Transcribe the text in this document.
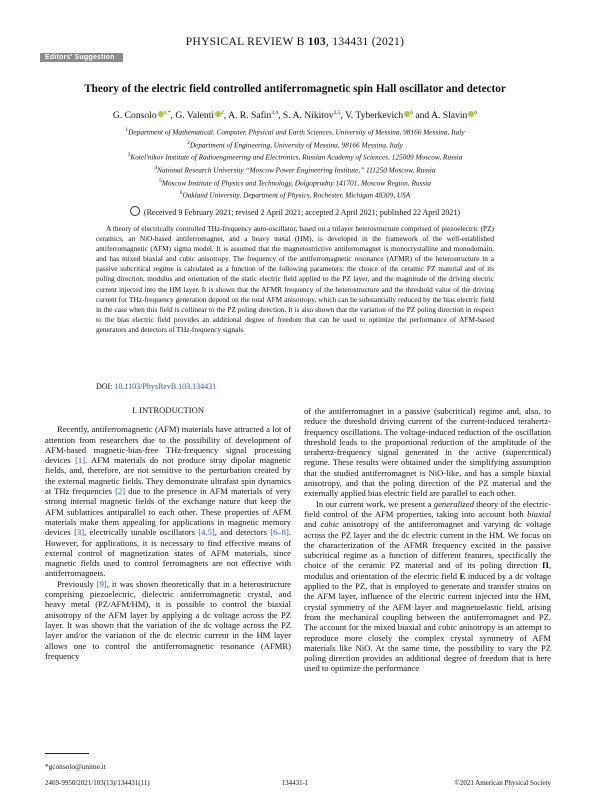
PHYSICAL REVIEW B 103, 134431 (2021)
Editors' Suggestion
Theory of the electric field controlled antiferromagnetic spin Hall oscillator and detector
G. Consolo $^{1,*}$, G. Valenti $^2$, A. R. Safin$^{3,4}$, S. A. Nikitov$^{3,5}$, V. Tyberkevich $^6$ and A. Slavin $^6$
$^1$Department of Mathematical, Computer, Physical and Earth Sciences, University of Messina, 98166 Messina, Italy
$^2$Department of Engineering, University of Messina, 98166 Messina, Italy
$^3$Kotel'nikov Institute of Radioengineering and Electronics, Russian Academy of Sciences, 125009 Moscow, Russia
$^4$National Research University “Moscow Power Engineering Institute,” 111250 Moscow, Russia
$^5$Moscow Institute of Physics and Technology, Dolgoprudny 141701, Moscow Region, Russia
$^6$Oakland University, Department of Physics, Rochester, Michigan 48309, USA
(Received 9 February 2021; revised 2 April 2021; accepted 2 April 2021; published 22 April 2021)

A theory of electrically controlled THz-frequency auto-oscillator, based on a trilayer heterostructure comprised of piezoelectric (PZ) ceramics, an NiO-based antiferromagnet, and a heavy metal (HM), is developed in the framework of the well-established antiferromagnetic (AFM) sigma model. It is assumed that the magnetostrictive antiferromagnet is monocrystalline and monodomain, and has mixed biaxial and cubic anisotropy. The frequency of the antiferromagnetic resonance (AFMR) of the heterostructure in a passive subcritical regime is calculated as a function of the following parameters: the choice of the ceramic PZ material and of its poling direction, modulus and orientation of the static electric field applied to the PZ layer, and the magnitude of the driving electric current injected into the HM layer. It is shown that the AFMR frequency of the heterostructure and the threshold value of the driving current for THz-frequency generation depend on the total AFM anisotropy, which can be substantially reduced by the bias electric field in the case when this field is collinear to the PZ poling direction. It is also shown that the variation of the PZ poling direction in respect to the bias electric field provides an additional degree of freedom that can be used to optimize the performance of AFM-based generators and detectors of THz-frequency signals.

DOI: 10.1103/PhysRevB.103.134431
I. INTRODUCTION

Recently, antiferromagnetic (AFM) materials have attracted a lot of attention from researchers due to the possibility of development of AFM-based magnetic-bias-free THz-frequency signal processing devices [1]. AFM materials do not produce stray dipolar magnetic fields, and, therefore, are not sensitive to the perturbation created by the external magnetic fields. They demonstrate ultrafast spin dynamics at THz frequencies [2] due to the presence in AFM materials of very strong internal magnetic fields of the exchange nature that keep the AFM sublattices antiparallel to each other. These properties of AFM materials make them appealing for applications in magnetic memory devices [3], electrically tunable oscillators [4,5], and detectors [6–8]. However, for applications, it is necessary to find effective means of external control of magnetization states of AFM materials, since magnetic fields used to control ferromagnets are not effective with antiferromagnets.

Previously [9], it was shown theoretically that in a heterostructure comprising piezoelectric, dielectric antiferromagnetic crystal, and heavy metal (PZ/AFM/HM), it is possible to control the biaxial anisotropy of the AFM layer by applying a dc voltage across the PZ layer. It was shown that the variation of the dc voltage across the PZ layer and/or the variation of the dc electric current in the HM layer allows one to control the antiferromagnetic resonance (AFMR) frequency

of the antiferromagnet in a passive (subcritical) regime and, also, to reduce the threshold driving current of the current-induced terahertz-frequency oscillations. The voltage-induced reduction of the oscillation threshold leads to the proportional reduction of the amplitude of the terahertz-frequency signal generated in the active (supercritical) regime. These results were obtained under the simplifying assumption that the studied antiferromagnet is NiO-like, and has a simple biaxial anisotropy, and that the poling direction of the PZ material and the externally applied bias electric field are parallel to each other.

In our current work, we present a generalized theory of the electric-field control of the AFM properties, taking into account both biaxial and cubic anisotropy of the antiferromagnet and varying dc voltage across the PZ layer and the dc electric current in the HM. We focus on the characterization of the AFMR frequency excited in the passive subcritical regime as a function of different features, specifically the choice of the ceramic PZ material and of its poling direction Π, modulus and orientation of the electric field E induced by a dc voltage applied to the PZ, that is employed to generate and transfer strains on the AFM layer, influence of the electric current injected into the HM, crystal symmetry of the AFM layer and magnetoelastic field, arising from the mechanical coupling between the antiferromagnet and PZ. The account for the mixed biaxial and cubic anisotropy is an attempt to reproduce more closely the complex crystal symmetry of AFM materials like NiO. At the same time, the possibility to vary the PZ poling direction provides an additional degree of freedom that is here used to optimize the performance

*gconsolo@unime.it
2469-9950/2021/103(13)/134431(11)	134431-1	©2021 American Physical Society
